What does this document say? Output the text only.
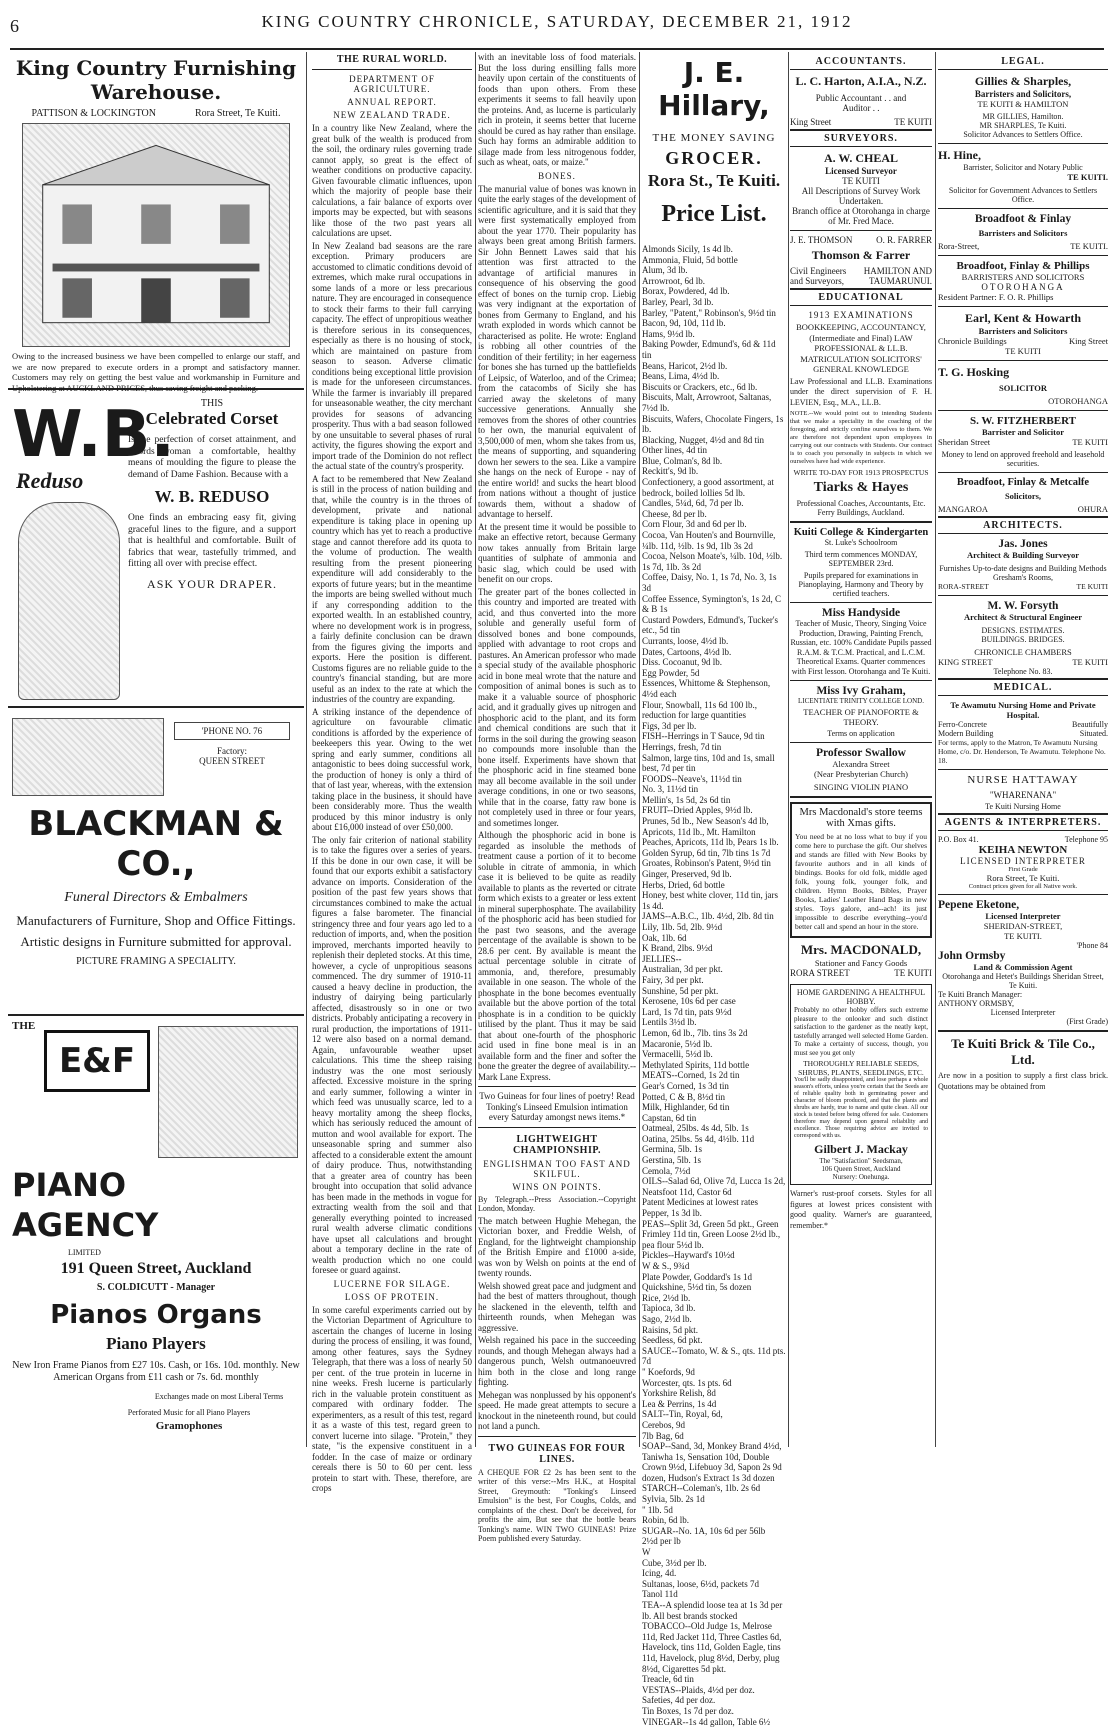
6	KING COUNTRY CHRONICLE, SATURDAY, DECEMBER 21, 1912
King Country Furnishing Warehouse.
PATTISON & LOCKINGTON	Rora Street, Te Kuiti.

Owing to the increased business we have been compelled to enlarge our staff, and we are now prepared to execute orders in a prompt and satisfactory manner. Customers may rely on getting the best value and workmanship in Furniture and Upholstering at AUCKLAND PRICES, thus saving freight and packing.

W.B.
Reduso
THIS
Celebrated Corset

Is the perfection of corset attainment, and affords woman a comfortable, healthy means of moulding the figure to please the demand of Dame Fashion. Because with a

W. B. REDUSO

One finds an embracing easy fit, giving graceful lines to the figure, and a support that is healthful and comfortable. Built of fabrics that wear, tastefully trimmed, and fitting all over with precise effect.

ASK YOUR DRAPER.
'PHONE NO. 76
Factory:
QUEEN STREET
BLACKMAN & CO.,
Funeral Directors & Embalmers
Manufacturers of Furniture, Shop and Office Fittings.
Artistic designs in Furniture submitted for approval.
PICTURE FRAMING A SPECIALITY.
THE
E&F
PIANO
AGENCY
LIMITED
191 Queen Street, Auckland
S. COLDICUTT - Manager
Pianos Organs
Piano Players
New Iron Frame Pianos from £27 10s. Cash, or 16s. 10d. monthly. New American Organs from £11 cash or 7s. 6d. monthly
Exchanges made on most Liberal Terms
Perforated Music for all Piano Players
Gramophones
THE RURAL WORLD.
DEPARTMENT OF AGRICULTURE.
ANNUAL REPORT.
NEW ZEALAND TRADE.

In a country like New Zealand, where the great bulk of the wealth is produced from the soil, the ordinary rules governing trade cannot apply, so great is the effect of weather conditions on productive capacity. Given favourable climatic influences, upon which the majority of people base their calculations, a fair balance of exports over imports may be expected, but with seasons like those of the two past years all calculations are upset.

In New Zealand bad seasons are the rare exception. Primary producers are accustomed to climatic conditions devoid of extremes, which make rural occupations in some lands of a more or less precarious nature. They are encouraged in consequence to stock their farms to their full carrying capacity. The effect of unpropitious weather is therefore serious in its consequences, especially as there is no housing of stock, which are maintained on pasture from season to season. Adverse climatic conditions being exceptional little provision is made for the unforeseen circumstances. While the farmer is invariably ill prepared for unseasonable weather, the city merchant provides for seasons of advancing prosperity. Thus with a bad season followed by one unsuitable to several phases of rural activity, the figures showing the export and import trade of the Dominion do not reflect the actual state of the country's prosperity.

A fact to be remembered that New Zealand is still in the process of nation building and that, while the country is in the throes of development, private and national expenditure is taking place in opening up country which has yet to reach a productive stage and cannot therefore add its quota to the volume of production. The wealth resulting from the present pioneering expenditure will add considerably to the exports of future years; but in the meantime the imports are being swelled without much if any corresponding addition to the exported wealth. In an established country, where no development work is in progress, a fairly definite conclusion can be drawn from the figures giving the imports and exports. Here the position is different. Customs figures are no reliable guide to the country's financial standing, but are more useful as an index to the rate at which the industries of the country are expanding.

A striking instance of the dependence of agriculture on favourable climatic conditions is afforded by the experience of beekeepers this year. Owing to the wet spring and early summer, conditions all antagonistic to bees doing successful work, the production of honey is only a third of that of last year, whereas, with the extension taking place in the business, it should have been considerably more. Thus the wealth produced by this minor industry is only about £16,000 instead of over £50,000.

The only fair criterion of national stability is to take the figures over a series of years. If this be done in our own case, it will be found that our exports exhibit a satisfactory advance on imports. Consideration of the position of the past few years shows that circumstances combined to make the actual figures a false barometer. The financial stringency three and four years ago led to a reduction of imports, and, when the position improved, merchants imported heavily to replenish their depleted stocks. At this time, however, a cycle of unpropitious seasons commenced. The dry summer of 1910-11 caused a heavy decline in production, the industry of dairying being particularly affected, disastrously so in one or two districts. Probably anticipating a recovery in rural production, the importations of 1911-12 were also based on a normal demand. Again, unfavourable weather upset calculations. This time the sheep raising industry was the one most seriously affected. Excessive moisture in the spring and early summer, following a winter in which feed was unusually scarce, led to a heavy mortality among the sheep flocks, which has seriously reduced the amount of mutton and wool available for export. The unseasonable spring and summer also affected to a considerable extent the amount of dairy produce. Thus, notwithstanding that a greater area of country has been brought into occupation that solid advance has been made in the methods in vogue for extracting wealth from the soil and that generally everything pointed to increased rural wealth adverse climatic conditions have upset all calculations and brought about a temporary decline in the rate of wealth production which no one could foresee or guard against.

LUCERNE FOR SILAGE.
LOSS OF PROTEIN.

In some careful experiments carried out by the Victorian Department of Agriculture to ascertain the changes of lucerne in losing during the process of ensiling, it was found, among other features, says the Sydney Telegraph, that there was a loss of nearly 50 per cent. of the true protein in lucerne in nine weeks. Fresh lucerne is particularly rich in the valuable protein constituent as compared with ordinary fodder. The experimenters, as a result of this test, regard it as a waste of this test, regard green to convert lucerne into silage. "Protein," they state, "is the expensive constituent in a fodder. In the case of maize or ordinary cereals there is 50 to 60 per cent. less protein to start with. These, therefore, are crops

with an inevitable loss of food materials. But the loss during ensilling falls more heavily upon certain of the constituents of foods than upon others. From these experiments it seems to fall heavily upon the proteins. And, as lucerne is particularly rich in protein, it seems better that lucerne should be cured as hay rather than ensilage. Such hay forms an admirable addition to silage made from less nitrogenous fodder, such as wheat, oats, or maize."

BONES.

The manurial value of bones was known in quite the early stages of the development of scientific agriculture, and it is said that they were first systematically employed from about the year 1770. Their popularity has always been great among British farmers. Sir John Bennett Lawes said that his attention was first attracted to the advantage of artificial manures in consequence of his observing the good effect of bones on the turnip crop. Liebig was very indignant at the exportation of bones from Germany to England, and his wrath exploded in words which cannot be characterised as polite. He wrote: England is robbing all other countries of the condition of their fertility; in her eagerness for bones she has turned up the battlefields of Leipsic, of Waterloo, and of the Crimea; from the catacombs of Sicily she has carried away the skeletons of many successive generations. Annually she removes from the shores of other countries to her own, the manurial equivalent of 3,500,000 of men, whom she takes from us, the means of supporting, and squandering down her sewers to the sea. Like a vampire she hangs on the neck of Europe - nay of the entire world! and sucks the heart blood from nations without a thought of justice towards them, without a shadow of advantage to herself.

At the present time it would be possible to make an effective retort, because Germany now takes annually from Britain large quantities of sulphate of ammonia and basic slag, which could be used with benefit on our crops.

The greater part of the bones collected in this country and imported are treated with acid, and thus converted into the more soluble and generally useful form of dissolved bones and bone compounds, applied with advantage to root crops and pastures. An American professor who made a special study of the available phosphoric acid in bone meal wrote that the nature and composition of animal bones is such as to make it a valuable source of phosphoric acid, and it gradually gives up nitrogen and phosphoric acid to the plant, and its form and chemical conditions are such that it forms in the soil during the growing season no compounds more insoluble than the bone itself. Experiments have shown that the phosphoric acid in fine steamed bone may all become available in the soil under average conditions, in one or two seasons, while that in the coarse, fatty raw bone is not completely used in three or four years, and sometimes longer.

Although the phosphoric acid in bone is regarded as insoluble the methods of treatment cause a portion of it to become soluble in citrate of ammonia, in which case it is believed to be quite as readily available to plants as the reverted or citrate form which exists to a greater or less extent in mineral superphosphate. The availability of the phosphoric acid has been studied for the past two seasons, and the average percentage of the available is shown to be 28.6 per cent. By available is meant the actual percentage soluble in citrate of ammonia, and, therefore, presumably available in one season. The whole of the phosphate in the bone becomes eventually available but the above portion of the total phosphate is in a condition to be quickly utilised by the plant. Thus it may be said that about one-fourth of the phosphoric acid used in fine bone meal is in an available form and the finer and softer the bone the greater the degree of availability.--Mark Lane Express.

Two Guineas for four lines of poetry! Read Tonking's Linseed Emulsion intimation every Saturday amongst news items.*

LIGHTWEIGHT CHAMPIONSHIP.
ENGLISHMAN TOO FAST AND SKILFUL.
WINS ON POINTS.

By Telegraph.--Press Association.--Copyright London, Monday.

The match between Hughie Mehegan, the Victorian boxer, and Freddie Welsh, of England, for the lightweight championship of the British Empire and £1000 a-side, was won by Welsh on points at the end of twenty rounds.

Welsh showed great pace and judgment and had the best of matters throughout, though he slackened in the eleventh, telfth and thirteenth rounds, when Mehegan was aggressive.

Welsh regained his pace in the succeeding rounds, and though Mehegan always had a dangerous punch, Welsh outmanoeuvred him both in the close and long range fighting.

Mehegan was nonplussed by his opponent's speed. He made great attempts to secure a knockout in the nineteenth round, but could not land a punch.

TWO GUINEAS FOR FOUR LINES.

A CHEQUE FOR £2 2s has been sent to the writer of this verse:--Mrs H.K., at Hospital Street, Greymouth: "Tonking's Linseed Emulsion" is the best, For Coughs, Colds, and complaints of the chest. Don't be deceived, for profits the aim, But see that the bottle bears Tonking's name. WIN TWO GUINEAS! Prize Poem published every Saturday.

J. E. Hillary,
THE MONEY SAVING
GROCER.
Rora St., Te Kuiti.
Price List.

Almonds Sicily, 1s 4d lb.

Ammonia, Fluid, 5d bottle

Alum, 3d lb.

Arrowroot, 6d lb.

Borax, Powdered, 4d lb.

Barley, Pearl, 3d lb.

Barley, "Patent," Robinson's, 9½d tin

Bacon, 9d, 10d, 11d lb.

Hams, 9½d lb.

Baking Powder, Edmund's, 6d & 11d tin

Beans, Haricot, 2½d lb.

Beans, Lima, 4½d lb.

Biscuits or Crackers, etc., 6d lb.

Biscuits, Malt, Arrowroot, Saltanas, 7½d lb.

Biscuits, Wafers, Chocolate Fingers, 1s lb.

Blacking, Nugget, 4½d and 8d tin

Other lines, 4d tin

Blue, Colman's, 8d lb.

Reckitt's, 9d lb.

Confectionery, a good assortment, at bedrock, boiled lollies 5d lb.

Candles, 5¼d, 6d, 7d per lb.

Cheese, 8d per lb.

Corn Flour, 3d and 6d per lb.

Cocoa, Van Houten's and Bournville, ¼lb. 11d, ½lb. 1s 9d, 1lb 3s 2d

Cocoa, Nelson Moate's, ¼lb. 10d, ½lb. 1s 7d, 1lb. 3s 2d

Coffee, Daisy, No. 1, 1s 7d, No. 3, 1s 3d

Coffee Essence, Symington's, 1s 2d, C & B 1s

Custard Powders, Edmund's, Tucker's etc., 5d tin

Currants, loose, 4½d lb.

Dates, Cartoons, 4½d lb.

Diss. Cocoanut, 9d lb.

Egg Powder, 5d

Essences, Whittome & Stephenson, 4½d each

Flour, Snowball, 11s 6d 100 lb., reduction for large quantities

Figs, 3d per lb.

FISH--Herrings in T Sauce, 9d tin

Herrings, fresh, 7d tin

Salmon, large tins, 10d and 1s, small best, 7d per tin

FOODS--Neave's, 11½d tin

No. 3, 11½d tin

Mellin's, 1s 5d, 2s 6d tin

FRUIT--Dried Apples, 9½d lb.

Prunes, 5d lb., New Season's 4d lb, Apricots, 11d lb., Mt. Hamilton Peaches, Apricots, 11d lb, Pears 1s lb.

Golden Syrup, 6d tin, 7lb tins 1s 7d

Groates, Robinson's Patent, 9½d tin

Ginger, Preserved, 9d lb.

Herbs, Dried, 6d bottle

Honey, best white clover, 11d tin, jars 1s 4d.

JAMS--A.B.C., 1lb. 4½d, 2lb. 8d tin

Lily, 1lb. 5d, 2lb. 9½d

Oak, 1lb. 6d

K Brand, 2lbs. 9½d

JELLIES--

Australian, 3d per pkt.

Fairy, 3d per pkt.

Sunshine, 5d per pkt.

Kerosene, 10s 6d per case

Lard, 1s 7d tin, pats 9½d

Lentils 3½d lb.

Lemon, 6d lb., 7lb. tins 3s 2d

Macaronie, 5½d lb.

Vermacelli, 5½d lb.

Methylated Spirits, 11d bottle

MEATS--Corned, 1s 2d tin

Gear's Corned, 1s 3d tin

Potted, C & B, 8½d tin

Milk, Highlander, 6d tin

Capstan, 6d tin

Oatmeal, 25lbs. 4s 4d, 5lb. 1s

Oatina, 25lbs. 5s 4d, 4½lb. 11d

Germina, 5lb. 1s

Gerstina, 5lb. 1s

Cemola, 7½d

OILS--Salad 6d, Olive 7d, Lucca 1s 2d, Neatsfoot 11d, Castor 6d

Patent Medicines at lowest rates

Pepper, 1s 3d lb.

PEAS--Split 3d, Green 5d pkt., Green Frimley 11d tin, Green Loose 2½d lb., pea flour 5½d lb.

Pickles--Hayward's 10½d

W & S., 9¾d

Plate Powder, Goddard's 1s 1d

Quickshine, 5½d tin, 5s dozen

Rice, 2½d lb.

Tapioca, 3d lb.

Sago, 2½d lb.

Raisins, 5d pkt.

Seedless, 6d pkt.

SAUCE--Tomato, W. & S., qts. 11d pts. 7d

" Koefords, 9d

Worcester, qts. 1s pts. 6d

Yorkshire Relish, 8d

Lea & Perrins, 1s 4d

SALT--Tin, Royal, 6d,

Cerebos, 9d

7lb Bag, 6d

SOAP--Sand, 3d, Monkey Brand 4½d, Taniwha 1s, Sensation 10d, Double Crown 9½d, Lifebuoy 3d, Sapon 2s 9d dozen, Hudson's Extract 1s 3d dozen

STARCH--Coleman's, 1lb. 2s 6d

Sylvia, 5lb. 2s 1d

" 1lb. 5d

Robin, 6d lb.

SUGAR--No. 1A, 10s 6d per 56lb

2½d per lb

W

Cube, 3½d per lb.

Icing, 4d.

Sultanas, loose, 6½d, packets 7d

Tanol 11d

TEA--A splendid loose tea at 1s 3d per lb. All best brands stocked

TOBACCO--Old Judge 1s, Melrose 11d, Red Jacket 11d, Three Castles 6d, Havelock, tins 11d, Golden Eagle, tins 11d, Havelock, plug 8½d, Derby, plug 8½d, Cigarettes 5d pkt.

Treacle, 6d tin

VESTAS--Plaids, 4½d per doz.

Safeties, 4d per doz.

Tin Boxes, 1s 7d per doz.

VINEGAR--1s 4d gallon, Table 6½

ACCOUNTANTS.
L. C. Harton, A.I.A., N.Z.
Public Accountant . . and Auditor . .
King Street	TE KUITI
SURVEYORS.
A. W. CHEAL
Licensed Surveyor
TE KUITI
All Descriptions of Survey Work Undertaken.
Branch office at Otorohanga in charge of Mr. Fred Mace.
J. E. THOMSON	O. R. FARRER
Thomson & Farrer
Civil Engineers HAMILTON AND
and Surveyors,	TAUMARUNUI.
EDUCATIONAL
1913 EXAMINATIONS
BOOKKEEPING, ACCOUNTANCY, (Intermediate and Final) LAW PROFESSIONAL & LL.B. MATRICULATION SOLICITORS' GENERAL KNOWLEDGE

Law Professional and LL.B. Examinations under the direct supervision of F. H. LEVIEN, Esq., M.A., LL.B.

NOTE.--We would point out to intending Students that we make a speciality in the coaching of the foregoing, and strictly confine ourselves to them. We are therefore not dependent upon employees in carrying out our contracts with Students. Our contract is to coach you personally in subjects in which we ourselves have had wide experience.

WRITE TO-DAY FOR 1913 PROSPECTUS
Tiarks & Hayes
Professional Coaches, Accountants, Etc. Ferry Buildings, Auckland.
Kuiti College & Kindergarten
St. Luke's Schoolroom
Third term commences MONDAY, SEPTEMBER 23rd.
Pupils prepared for examinations in Pianoplaying, Harmony and Theory by certified teachers.
Miss Handyside
Teacher of Music, Theory, Singing Voice Production, Drawing, Painting French, Russian, etc. 100% Candidate Pupils passed R.A.M. & T.C.M. Practical, and L.C.M. Theoretical Exams. Quarter commences with First lesson. Otorohanga and Te Kuiti.
Miss Ivy Graham,
LICENTIATE TRINITY COLLEGE LOND.
TEACHER OF PIANOFORTE & THEORY.
Terms on application
Professor Swallow
Alexandra Street
(Near Presbyterian Church)
SINGING VIOLIN PIANO
Mrs Macdonald's store teems with Xmas gifts.

You need be at no loss what to buy if you come here to purchase the gift. Our shelves and stands are filled with New Books by favourite authors and in all kinds of bindings. Books for old folk, middle aged folk, young folk, younger folk, and children. Hymn Books, Bibles, Prayer Books, Ladies' Leather Hand Bags in new styles. Toys galore, and--ach! its just impossible to describe everything--you'd better call and spend an hour in the store.

Mrs. MACDONALD,
Stationer and Fancy Goods
RORA STREET	TE KUITI
HOME GARDENING A HEALTHFUL HOBBY.

Probably no other hobby offers such extreme pleasure to the onlooker and such distinct satisfaction to the gardener as the neatly kept, tastefully arranged well selected Home Garden. To make a certainty of success, though, you must see you get only

THOROUGHLY RELIABLE SEEDS, SHRUBS, PLANTS, SEEDLINGS, ETC.

You'll be sadly disappointed, and lose perhaps a whole season's efforts, unless you're certain that the Seeds are of reliable quality both in germinating power and character of bloom produced, and that the plants and shrubs are hardy, true to name and quite clean. All our stock is tested before being offered for sale. Customers therefore may depend upon general reliability and excellence. Those requiring advice are invited to correspond with us.

Gilbert J. Mackay
The "Satisfaction" Seedsman,
106 Queen Street, Auckland
Nursery: Onehunga.

Warner's rust-proof corsets. Styles for all figures at lowest prices consistent with good quality. Warner's are guaranteed, remember.*

LEGAL.
Gillies & Sharples,
Barristers and Solicitors,
TE KUITI & HAMILTON
MR GILLIES, Hamilton.
MR SHARPLES, Te Kuiti.
Solicitor Advances to Settlers Office.
H. Hine,
Barrister, Solicitor and Notary Public
TE KUITI.
Solicitor for Government Advances to Settlers Office.
Broadfoot & Finlay
Barristers and Solicitors
Rora-Street,	TE KUITI.
Broadfoot, Finlay & Phillips
BARRISTERS AND SOLICITORS
OTOROHANGA
Resident Partner: F. O. R. Phillips
Earl, Kent & Howarth
Barristers and Solicitors
Chronicle Buildings	King Street
TE KUITI
T. G. Hosking
SOLICITOR
OTOROHANGA
S. W. FITZHERBERT
Barrister and Solicitor
Sheridan Street	TE KUITI
Money to lend on approved freehold and leasehold securities.
Broadfoot, Finlay & Metcalfe
Solicitors,
MANGAROA	OHURA
ARCHITECTS.
Jas. Jones
Architect & Building Surveyor
Furnishes Up-to-date designs and Building Methods
Gresham's Rooms,
RORA-STREET	TE KUITI
M. W. Forsyth
Architect & Structural Engineer
DESIGNS. ESTIMATES.
BUILDINGS. BRIDGES.
CHRONICLE CHAMBERS
KING STREET	TE KUITI
Telephone No. 83.
MEDICAL.
Te Awamutu Nursing Home and Private Hospital.
Ferro-Concrete	Beautifully
Modern Building	Situated.
For terms, apply to the Matron, Te Awamutu Nursing Home, c/o. Dr. Henderson, Te Awamutu. Telephone No. 18.
NURSE HATTAWAY
"WHARENANA"
Te Kuiti Nursing Home
AGENTS & INTERPRETERS.
P.O. Box 41.	Telephone 95
KEIHA NEWTON
LICENSED INTERPRETER
First Grade
Rora Street, Te Kuiti.
Contract prices given for all Native work.
Pepene Eketone,
Licensed Interpreter
SHERIDAN-STREET,
TE KUITI.
'Phone 84
John Ormsby
Land & Commission Agent
Otorohanga and Hetet's Buildings Sheridan Street, Te Kuiti.
Te Kuiti Branch Manager:
ANTHONY ORMSBY,
Licensed Interpreter
(First Grade)
Te Kuiti Brick & Tile Co., Ltd.
Are now in a position to supply a first class brick. Quotations may be obtained from
